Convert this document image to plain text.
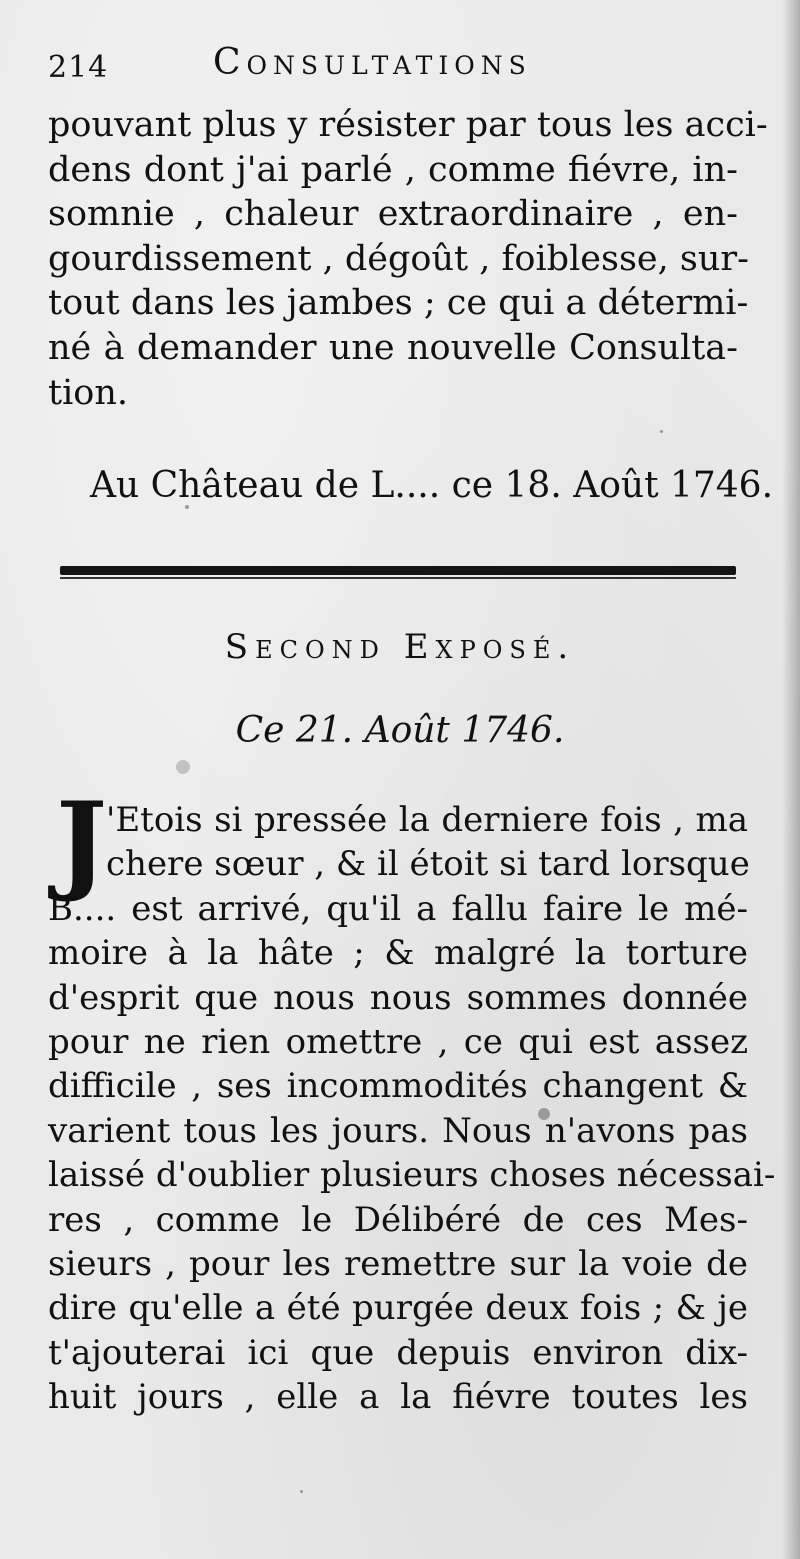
214	Consultations
pouvant plus y résister par tous les acci-
dens dont j'ai parlé , comme fiévre, in-
somnie , chaleur extraordinaire , en-
gourdissement , dégoût , foiblesse, sur-
tout dans les jambes ; ce qui a détermi-
né à demander une nouvelle Consulta-
tion.
Au Château de L.... ce 18. Août 1746.
Second Exposé.
Ce 21. Août 1746.
J
'Etois si pressée la derniere fois , ma
chere sœur , & il étoit si tard lorsque
B.... est arrivé, qu'il a fallu faire le mé-
moire à la hâte ; & malgré la torture
d'esprit que nous nous sommes donnée
pour ne rien omettre , ce qui est assez
difficile , ses incommodités changent &
varient tous les jours. Nous n'avons pas
laissé d'oublier plusieurs choses nécessai-
res , comme le Délibéré de ces Mes-
sieurs , pour les remettre sur la voie de
dire qu'elle a été purgée deux fois ; & je
t'ajouterai ici que depuis environ dix-
huit jours , elle a la fiévre toutes les
